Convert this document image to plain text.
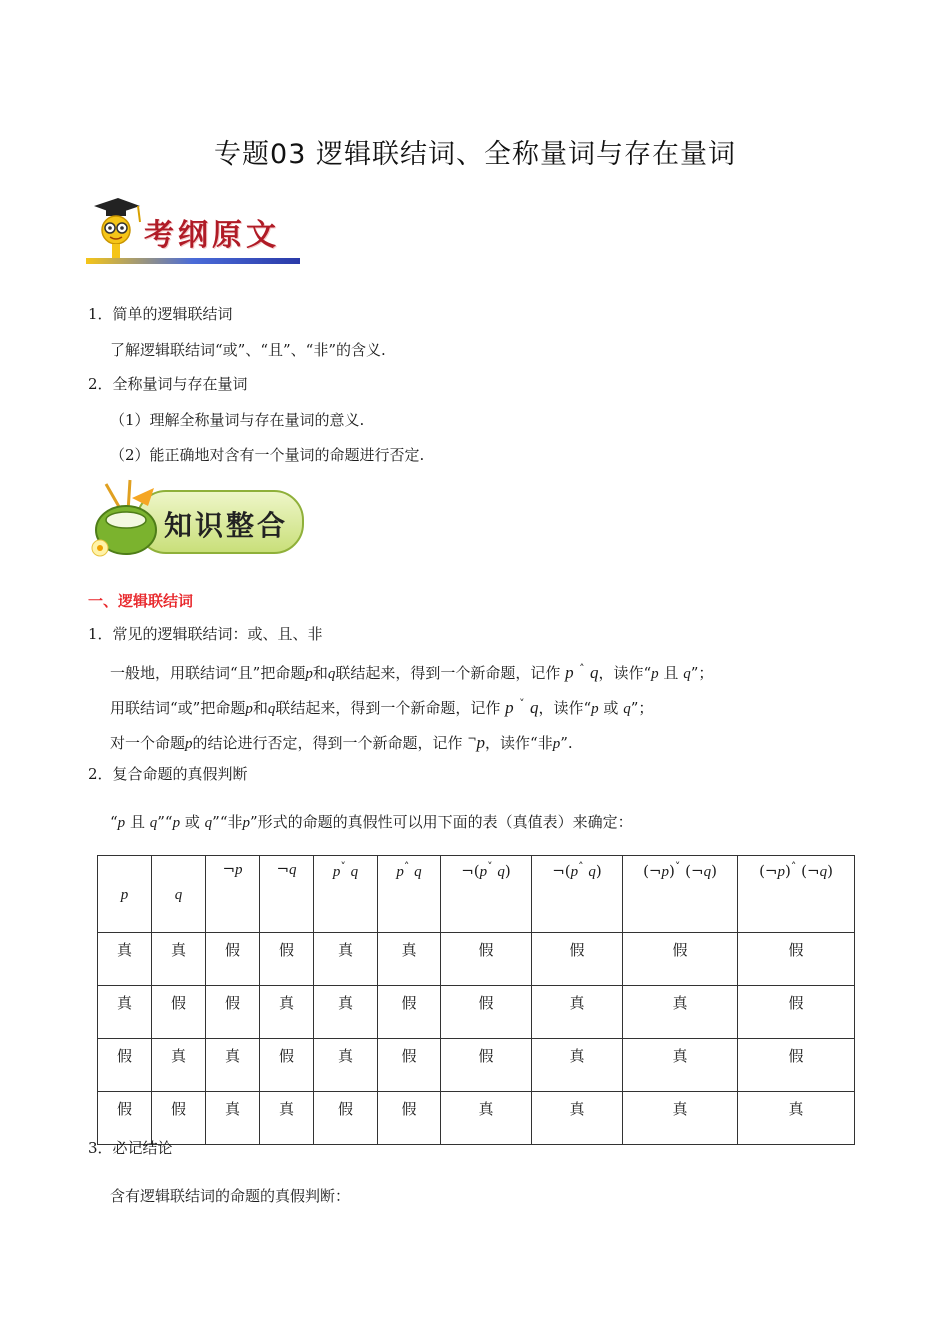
专题03 逻辑联结词、全称量词与存在量词
考纲原文
1．简单的逻辑联结词
了解逻辑联结词“或”、“且”、“非”的含义.
2．全称量词与存在量词
（1）理解全称量词与存在量词的意义.
（2）能正确地对含有一个量词的命题进行否定.
知识整合
一、逻辑联结词
1．常见的逻辑联结词：或、且、非
一般地，用联结词“且”把命题p和q联结起来，得到一个新命题，记作 p ˄ q，读作“p 且 q”；
用联结词“或”把命题p和q联结起来，得到一个新命题，记作 p ˅ q，读作“p 或 q”；
对一个命题p的结论进行否定，得到一个新命题，记作 ¬p，读作“非p”.
2．复合命题的真假判断
“p 且 q”“p 或 q”“非p”形式的命题的真假性可以用下面的表（真值表）来确定：
p	q	¬p	¬q	p˅ q	p˄ q	¬(p˅ q)	¬(p˄ q)	(¬p)˅ (¬q)	(¬p)˄ (¬q)
真	真	假	假	真	真	假	假	假	假
真	假	假	真	真	假	假	真	真	假
假	真	真	假	真	假	假	真	真	假
假	假	真	真	假	假	真	真	真	真
3．必记结论
含有逻辑联结词的命题的真假判断：
